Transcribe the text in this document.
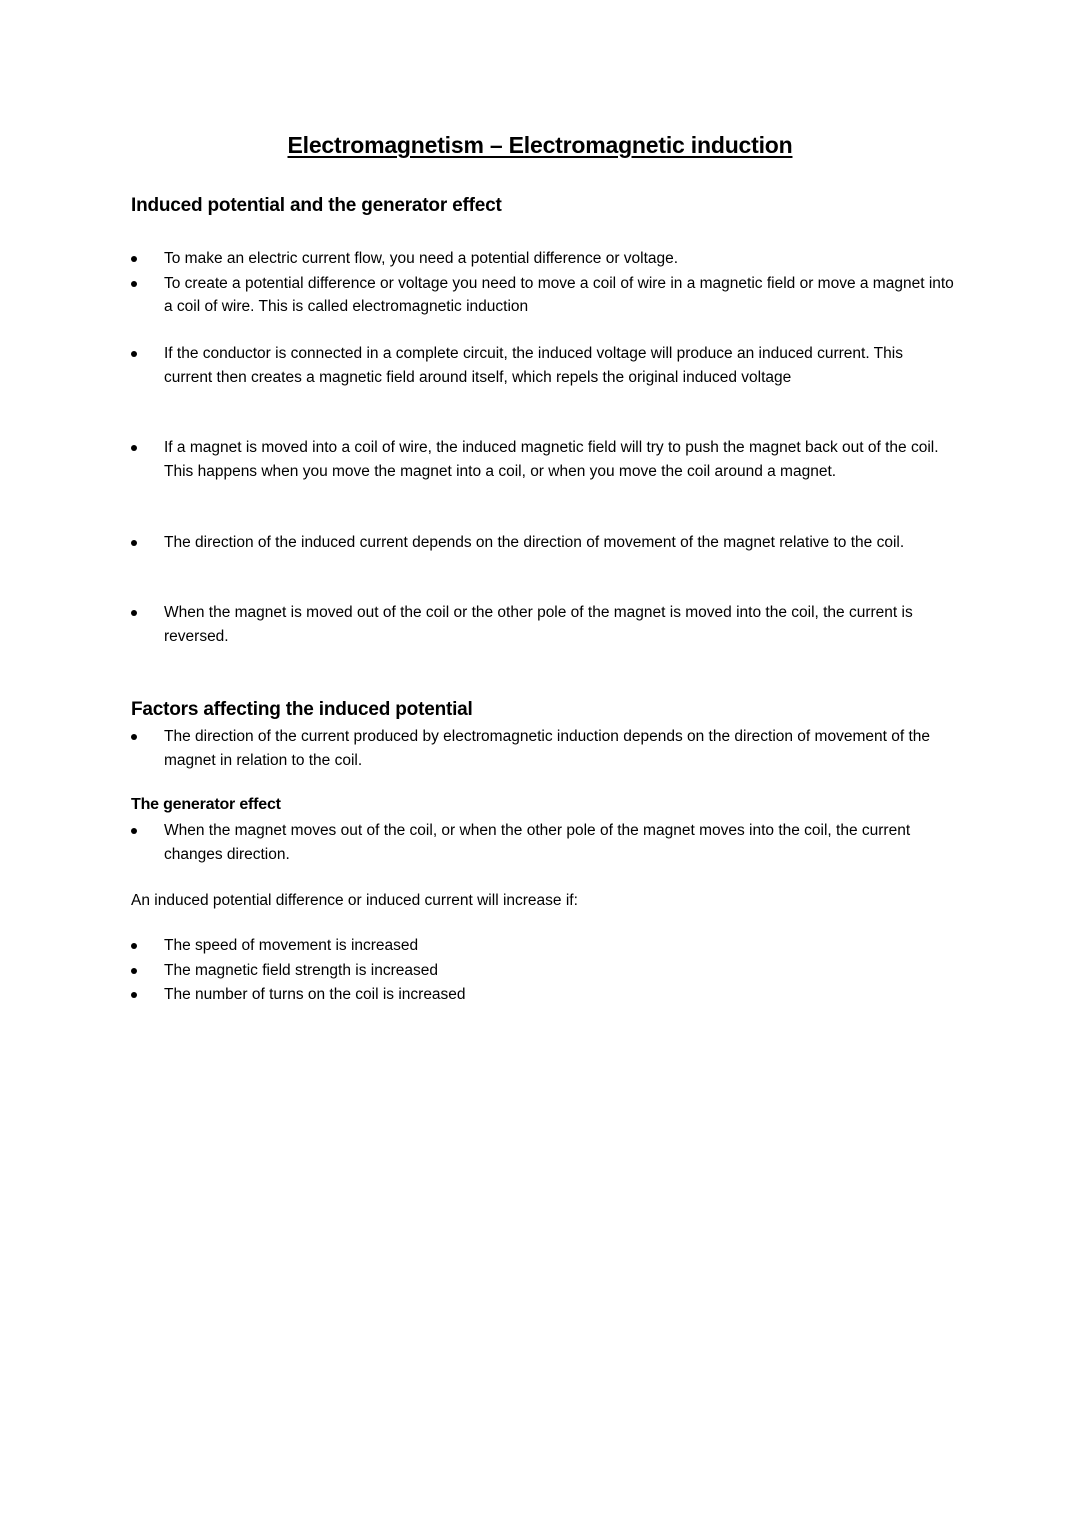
Electromagnetism – Electromagnetic induction
Induced potential and the generator effect
To make an electric current flow, you need a potential difference or voltage.
To create a potential difference or voltage you need to move a coil of wire in a magnetic field or move a magnet into a coil of wire. This is called electromagnetic induction
If the conductor is connected in a complete circuit, the induced voltage will produce an induced current. This current then creates a magnetic field around itself, which repels the original induced voltage
If a magnet is moved into a coil of wire, the induced magnetic field will try to push the magnet back out of the coil. This happens when you move the magnet into a coil, or when you move the coil around a magnet.
The direction of the induced current depends on the direction of movement of the magnet relative to the coil.
When the magnet is moved out of the coil or the other pole of the magnet is moved into the coil, the current is reversed.
Factors affecting the induced potential
The direction of the current produced by electromagnetic induction depends on the direction of movement of the magnet in relation to the coil.
The generator effect
When the magnet moves out of the coil, or when the other pole of the magnet moves into the coil, the current changes direction.
An induced potential difference or induced current will increase if:
The speed of movement is increased
The magnetic field strength is increased
The number of turns on the coil is increased
